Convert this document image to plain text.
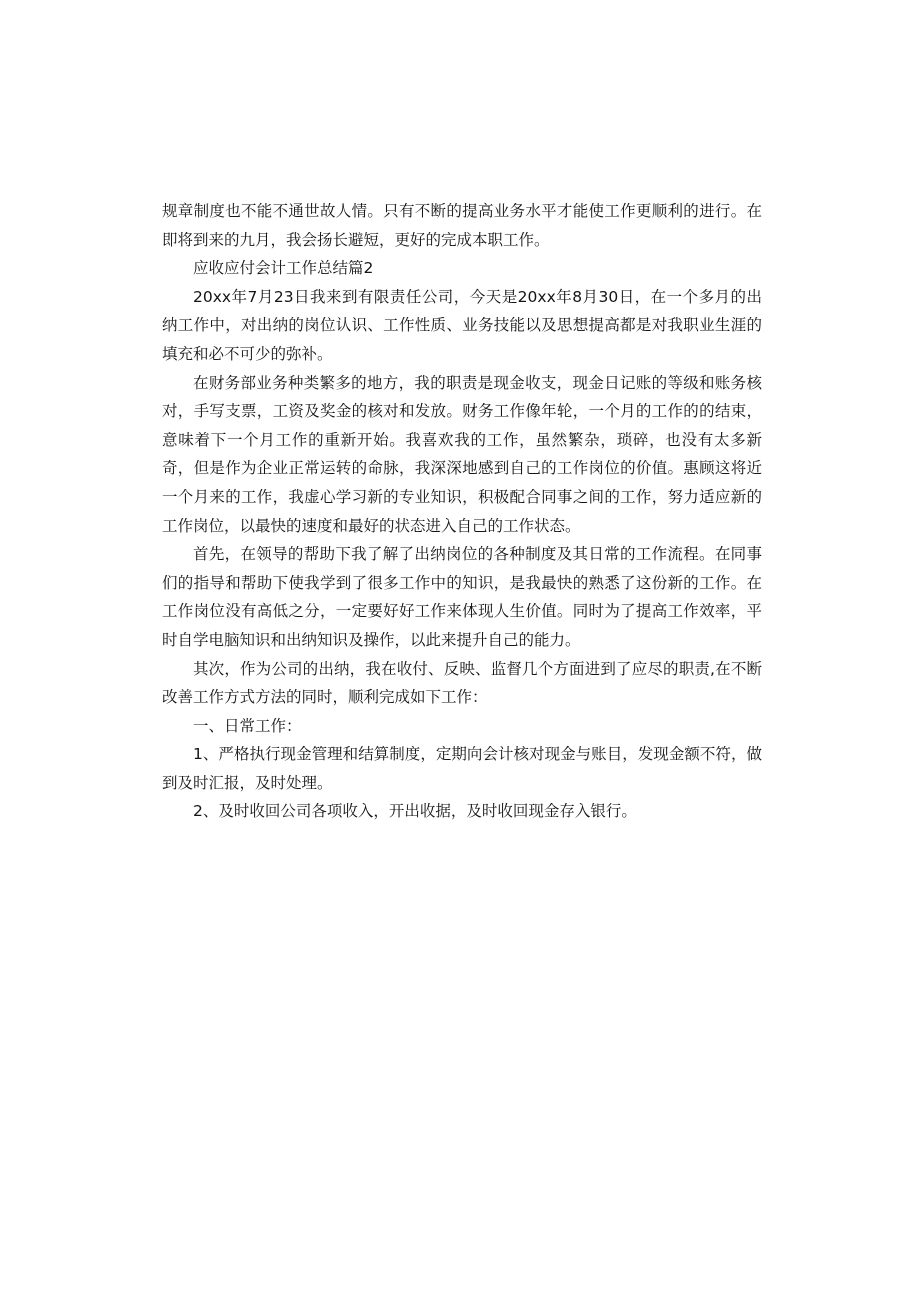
规章制度也不能不通世故人情。只有不断的提高业务水平才能使工作更顺利的进行。在即将到来的九月，我会扬长避短，更好的完成本职工作。

应收应付会计工作总结篇2

20xx年7月23日我来到有限责任公司，今天是20xx年8月30日，在一个多月的出纳工作中，对出纳的岗位认识、工作性质、业务技能以及思想提高都是对我职业生涯的填充和必不可少的弥补。

在财务部业务种类繁多的地方，我的职责是现金收支，现金日记账的等级和账务核对，手写支票，工资及奖金的核对和发放。财务工作像年轮，一个月的工作的的结束，意味着下一个月工作的重新开始。我喜欢我的工作，虽然繁杂，琐碎，也没有太多新奇，但是作为企业正常运转的命脉，我深深地感到自己的工作岗位的价值。惠顾这将近一个月来的工作，我虚心学习新的专业知识，积极配合同事之间的工作，努力适应新的工作岗位，以最快的速度和最好的状态进入自己的工作状态。

首先，在领导的帮助下我了解了出纳岗位的各种制度及其日常的工作流程。在同事们的指导和帮助下使我学到了很多工作中的知识，是我最快的熟悉了这份新的工作。在工作岗位没有高低之分，一定要好好工作来体现人生价值。同时为了提高工作效率，平时自学电脑知识和出纳知识及操作，以此来提升自己的能力。

其次，作为公司的出纳，我在收付、反映、监督几个方面进到了应尽的职责,在不断改善工作方式方法的同时，顺利完成如下工作：

一、日常工作：

1、严格执行现金管理和结算制度，定期向会计核对现金与账目，发现金额不符，做到及时汇报，及时处理。

2、及时收回公司各项收入，开出收据，及时收回现金存入银行。
